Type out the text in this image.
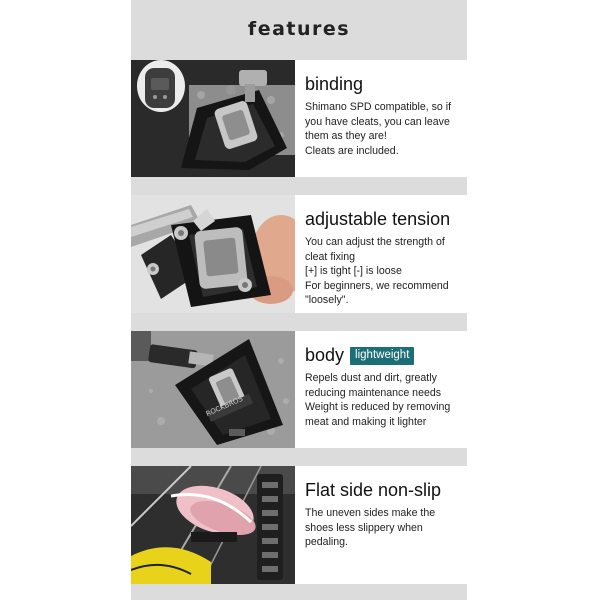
features
binding
Shimano SPD compatible, so if
you have cleats, you can leave
them as they are!
Cleats are included.
adjustable tension
You can adjust the strength of
cleat fixing
[+] is tight [-] is loose
For beginners, we recommend
"loosely".
ROCKBROS
body lightweight
Repels dust and dirt, greatly
reducing maintenance needs
Weight is reduced by removing
meat and making it lighter
Flat side non-slip
The uneven sides make the
shoes less slippery when
pedaling.
